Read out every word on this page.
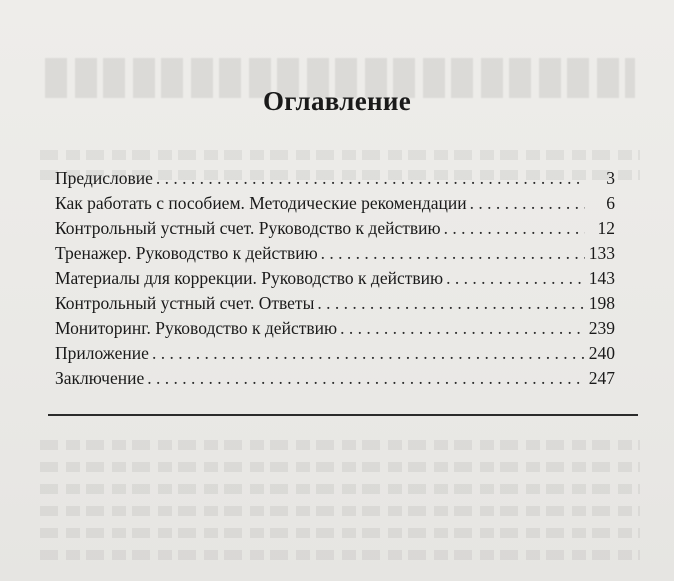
Оглавление
Предисловие . . .	3
Как работать с пособием. Методические рекомендации . . .	6
Контрольный устный счет. Руководство к действию . . .	12
Тренажер. Руководство к действию . . .	133
Материалы для коррекции. Руководство к действию . . .	143
Контрольный устный счет. Ответы . . .	198
Мониторинг. Руководство к действию . . .	239
Приложение . . .	240
Заключение . . .	247
